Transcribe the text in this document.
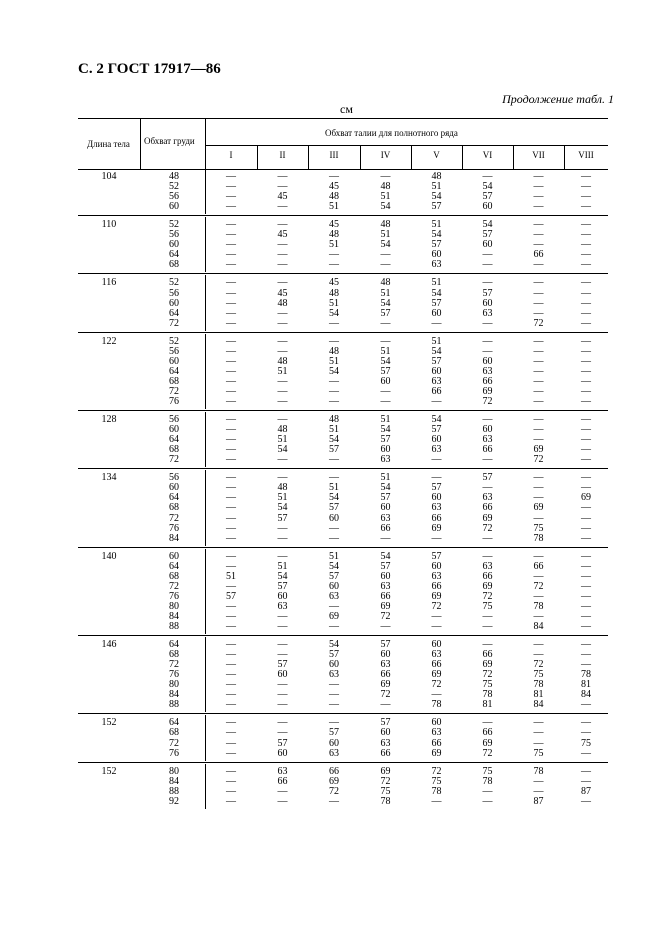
С. 2 ГОСТ 17917—86
Продолжение табл. 1
см
Длина тела Обхват груди
Обхват талии для полнотного ряда
I	II	III	IV	V	VI	VII	VIII
104	48	—	—	—	—	48	—	—	—
52	—	—	45	48	51	54	—	—
56	—	45	48	51	54	57	—	—
60	—	—	51	54	57	60	—	—
110	52	—	—	45	48	51	54	—	—
56	—	45	48	51	54	57	—	—
60	—	—	51	54	57	60	—	—
64	—	—	—	—	60	—	66	—
68	—	—	—	—	63	—	—	—
116	52	—	—	45	48	51	—	—	—
56	—	45	48	51	54	57	—	—
60	—	48	51	54	57	60	—	—
64	—	—	54	57	60	63	—	—
72	—	—	—	—	—	—	72	—
122	52	—	—	—	—	51	—	—	—
56	—	—	48	51	54	—	—	—
60	—	48	51	54	57	60	—	—
64	—	51	54	57	60	63	—	—
68	—	—	—	60	63	66	—	—
72	—	—	—	—	66	69	—	—
76	—	—	—	—	—	72	—	—
128	56	—	—	48	51	54	—	—	—
60	—	48	51	54	57	60	—	—
64	—	51	54	57	60	63	—	—
68	—	54	57	60	63	66	69	—
72	—	—	—	63	—	—	72	—
134	56	—	—	—	51	—	57	—	—
60	—	48	51	54	57	—	—	—
64	—	51	54	57	60	63	—	69
68	—	54	57	60	63	66	69	—
72	—	57	60	63	66	69	—	—
76	—	—	—	66	69	72	75	—
84	—	—	—	—	—	—	78	—
140	60	—	—	51	54	57	—	—	—
64	—	51	54	57	60	63	66	—
68	51	54	57	60	63	66	—	—
72	—	57	60	63	66	69	72	—
76	57	60	63	66	69	72	—	—
80	—	63	—	69	72	75	78	—
84	—	—	69	72	—	—	—	—
88	—	—	—	—	—	—	84	—
146	64	—	—	54	57	60	—	—	—
68	—	—	57	60	63	66	—	—
72	—	57	60	63	66	69	72	—
76	—	60	63	66	69	72	75	78
80	—	—	—	69	72	75	78	81
84	—	—	—	72	—	78	81	84
88	—	—	—	—	78	81	84	—
152	64	—	—	—	57	60	—	—	—
68	—	—	57	60	63	66	—	—
72	—	57	60	63	66	69	—	75
76	—	60	63	66	69	72	75	—
152	80	—	63	66	69	72	75	78	—
84	—	66	69	72	75	78	—	—
88	—	—	72	75	78	—	—	87
92	—	—	—	78	—	—	87	—
